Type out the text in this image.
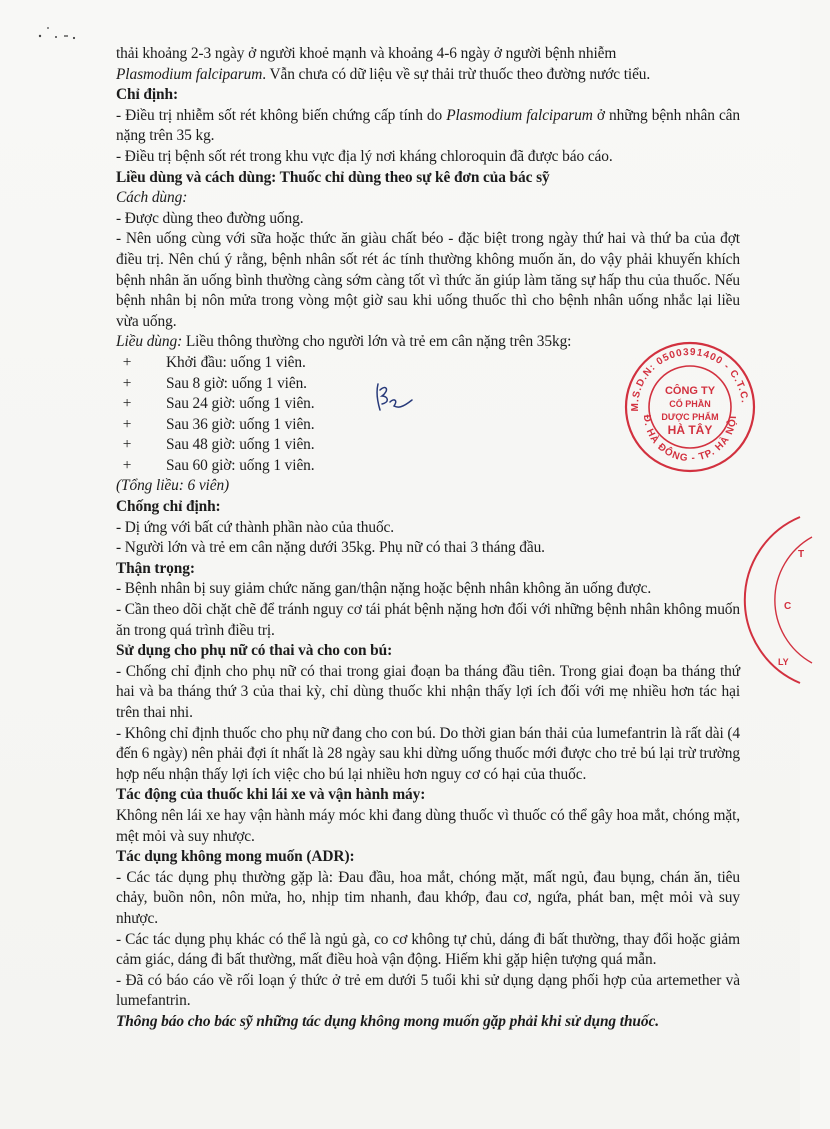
thải khoảng 2-3 ngày ở người khoẻ mạnh và khoảng 4-6 ngày ở người bệnh nhiễm

Plasmodium falciparum. Vẫn chưa có dữ liệu về sự thải trừ thuốc theo đường nước tiểu.

Chỉ định:

- Điều trị nhiễm sốt rét không biến chứng cấp tính do Plasmodium falciparum ở những bệnh nhân cân nặng trên 35 kg.

- Điều trị bệnh sốt rét trong khu vực địa lý nơi kháng chloroquin đã được báo cáo.

Liều dùng và cách dùng: Thuốc chỉ dùng theo sự kê đơn của bác sỹ

Cách dùng:

- Được dùng theo đường uống.

- Nên uống cùng với sữa hoặc thức ăn giàu chất béo - đặc biệt trong ngày thứ hai và thứ ba của đợt điều trị. Nên chú ý rằng, bệnh nhân sốt rét ác tính thường không muốn ăn, do vậy phải khuyến khích bệnh nhân ăn uống bình thường càng sớm càng tốt vì thức ăn giúp làm tăng sự hấp thu của thuốc. Nếu bệnh nhân bị nôn mửa trong vòng một giờ sau khi uống thuốc thì cho bệnh nhân uống nhắc lại liều vừa uống.

Liều dùng: Liều thông thường cho người lớn và trẻ em cân nặng trên 35kg:

+	Khởi đầu: uống 1 viên.
+	Sau 8 giờ: uống 1 viên.
+	Sau 24 giờ: uống 1 viên.
+	Sau 36 giờ: uống 1 viên.
+	Sau 48 giờ: uống 1 viên.
+	Sau 60 giờ: uống 1 viên.

(Tổng liều: 6 viên)

Chống chỉ định:

- Dị ứng với bất cứ thành phần nào của thuốc.

- Người lớn và trẻ em cân nặng dưới 35kg. Phụ nữ có thai 3 tháng đầu.

Thận trọng:

- Bệnh nhân bị suy giảm chức năng gan/thận nặng hoặc bệnh nhân không ăn uống được.

- Cần theo dõi chặt chẽ để tránh nguy cơ tái phát bệnh nặng hơn đối với những bệnh nhân không muốn ăn trong quá trình điều trị.

Sử dụng cho phụ nữ có thai và cho con bú:

- Chống chỉ định cho phụ nữ có thai trong giai đoạn ba tháng đầu tiên. Trong giai đoạn ba tháng thứ hai và ba tháng thứ 3 của thai kỳ, chỉ dùng thuốc khi nhận thấy lợi ích đối với mẹ nhiều hơn tác hại trên thai nhi.

- Không chỉ định thuốc cho phụ nữ đang cho con bú. Do thời gian bán thải của lumefantrin là rất dài (4 đến 6 ngày) nên phải đợi ít nhất là 28 ngày sau khi dừng uống thuốc mới được cho trẻ bú lại trừ trường hợp nếu nhận thấy lợi ích việc cho bú lại nhiều hơn nguy cơ có hại của thuốc.

Tác động của thuốc khi lái xe và vận hành máy:

Không nên lái xe hay vận hành máy móc khi đang dùng thuốc vì thuốc có thể gây hoa mắt, chóng mặt, mệt mỏi và suy nhược.

Tác dụng không mong muốn (ADR):

- Các tác dụng phụ thường gặp là: Đau đầu, hoa mắt, chóng mặt, mất ngủ, đau bụng, chán ăn, tiêu chảy, buồn nôn, nôn mửa, ho, nhịp tim nhanh, đau khớp, đau cơ, ngứa, phát ban, mệt mỏi và suy nhược.

- Các tác dụng phụ khác có thể là ngủ gà, co cơ không tự chủ, dáng đi bất thường, thay đổi hoặc giảm cảm giác, dáng đi bất thường, mất điều hoà vận động. Hiếm khi gặp hiện tượng quá mẫn.

- Đã có báo cáo về rối loạn ý thức ở trẻ em dưới 5 tuổi khi sử dụng dạng phối hợp của artemether và lumefantrin.

Thông báo cho bác sỹ những tác dụng không mong muốn gặp phải khi sử dụng thuốc.

M.S.D.N: 0500391400 - C.T.C.
Đ. HÀ ĐÔNG - TP. HÀ NỘI
CÔNG TY
CỔ PHẦN
DƯỢC PHẨM
HÀ TÂY
T
C
LY
